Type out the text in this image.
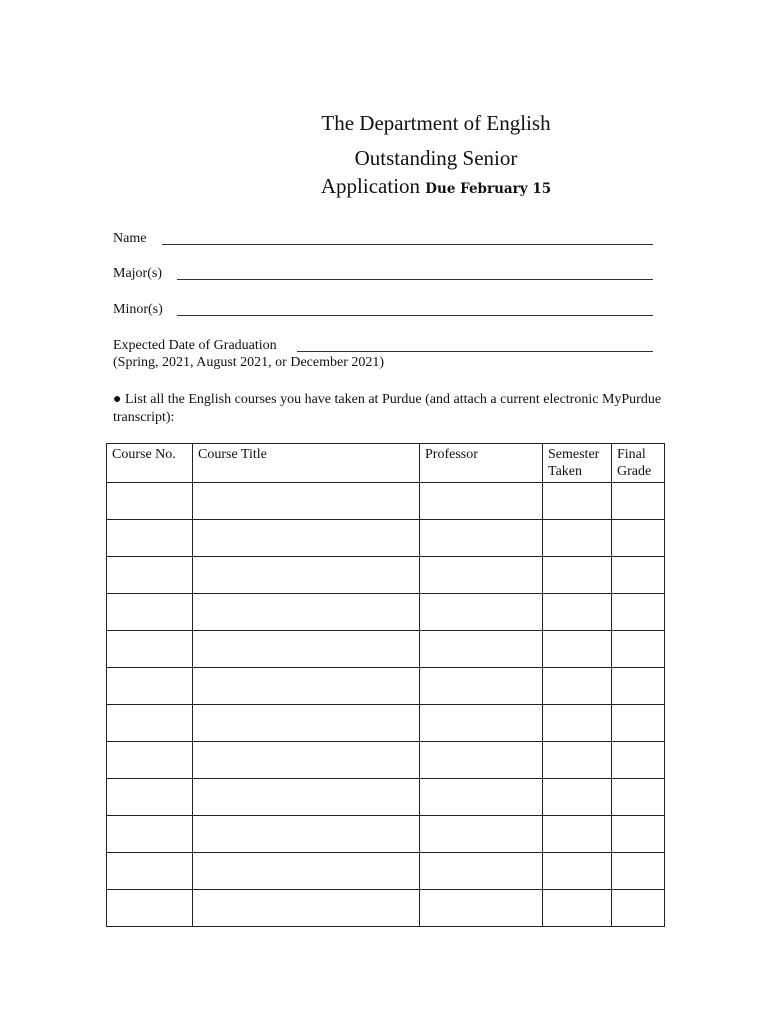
The Department of English
Outstanding Senior
Application Due February 15
Name
Major(s)
Minor(s)
Expected Date of Graduation
(Spring, 2021, August 2021, or December 2021)
● List all the English courses you have taken at Purdue (and attach a current electronic MyPurdue transcript):
Course No.	Course Title	Professor	Semester Taken	Final Grade
